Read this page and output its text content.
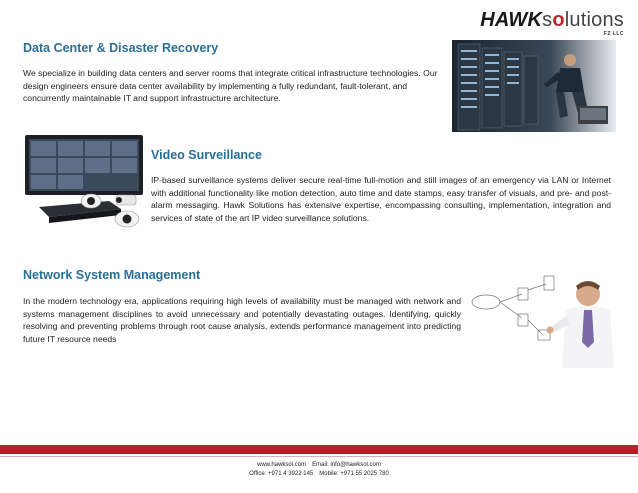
HAWKsolutions
FZ LLC
Data Center & Disaster Recovery

We specialize in building data centers and server rooms that integrate critical infrastructure technologies. Our design engineers ensure data center availability by implementing a fully redundant, fault-tolerant, and concurrently maintainable IT and support infrastructure architecture.

Video Surveillance

IP-based surveillance systems deliver secure real-time full-motion and still images of an emergency via LAN or Internet with additional functionality like motion detection, auto time and date stamps, easy transfer of visuals, and pre- and post-alarm messaging. Hawk Solutions has extensive expertise, encompassing consulting, implementation, integration and services of state of the art IP video surveillance solutions.

Network System Management

In the modern technology era, applications requiring high levels of availability must be managed with network and systems management disciplines to avoid unnecessary and potentially devastating outages. Identifying, quickly resolving and preventing problems through root cause analysis, extends performance management into predicting future IT resource needs

www.hawksol.com Email: info@hawksol.com
Office: +971 4 3922 145 Mobile: +971 55 2025 780
